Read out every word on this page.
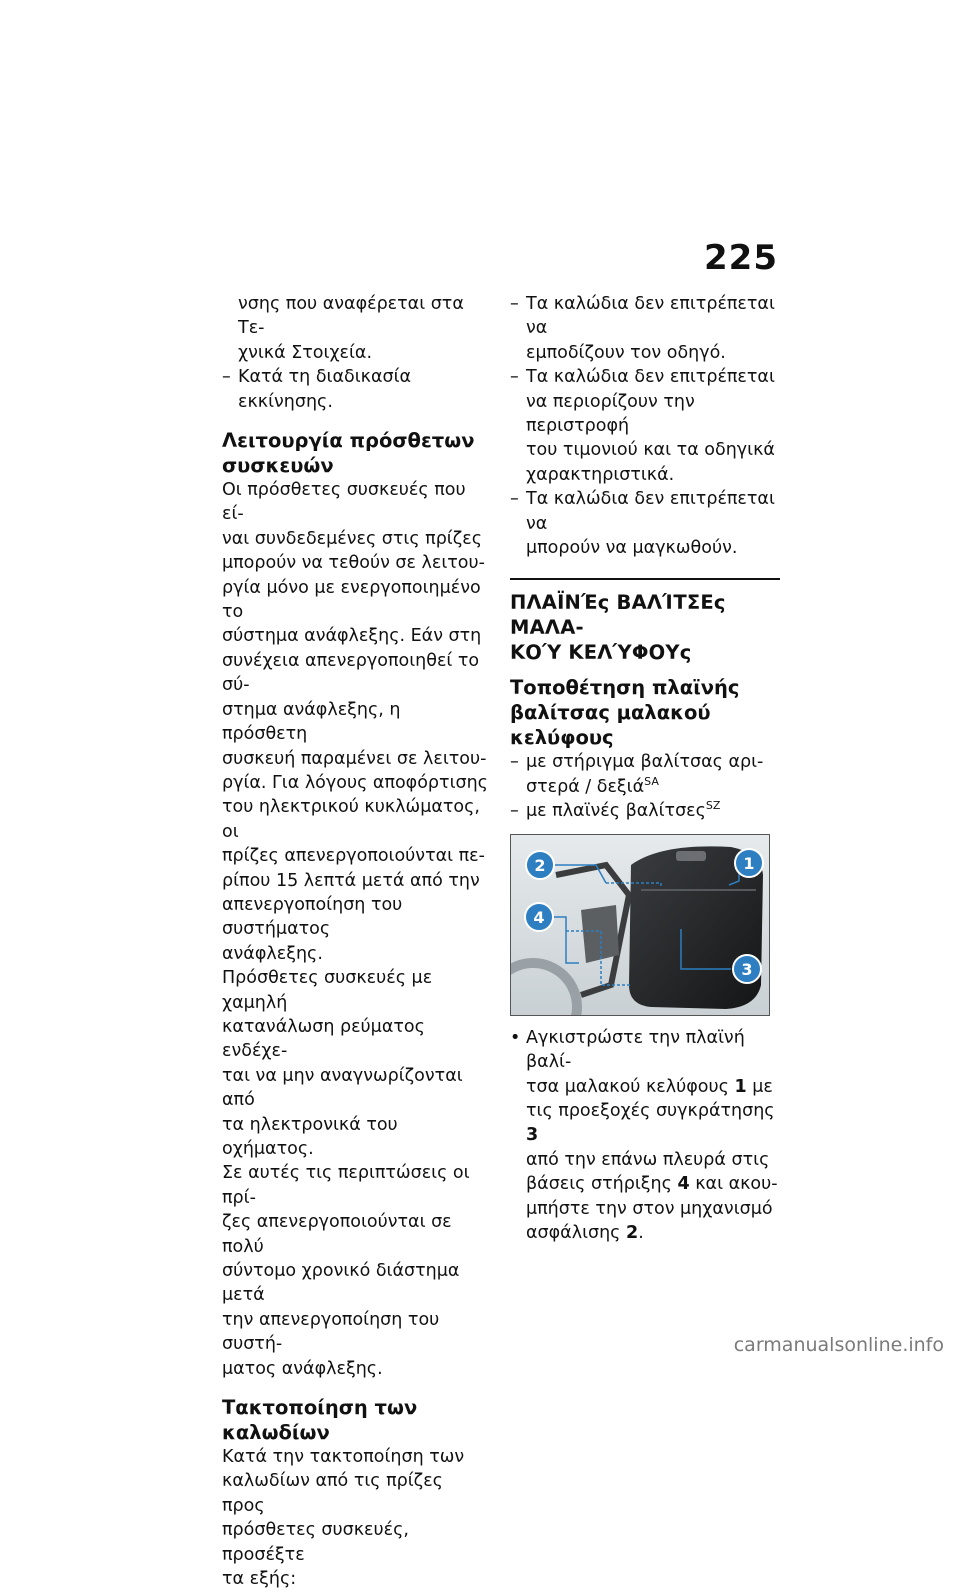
225

νσης που αναφέρεται στα Τε-
χνικά Στοιχεία.

– Κατά τη διαδικασία εκκίνησης.

Λειτουργία πρόσθετων
συσκευών

Οι πρόσθετες συσκευές που εί-
ναι συνδεδεμένες στις πρίζες
μπορούν να τεθούν σε λειτου-
ργία μόνο με ενεργοποιημένο το
σύστημα ανάφλεξης. Εάν στη
συνέχεια απενεργοποιηθεί το σύ-
στημα ανάφλεξης, η πρόσθετη
συσκευή παραμένει σε λειτου-
ργία. Για λόγους αποφόρτισης
του ηλεκτρικού κυκλώματος, οι
πρίζες απενεργοποιούνται πε-
ρίπου 15 λεπτά μετά από την
απενεργοποίηση του συστήματος
ανάφλεξης.

Πρόσθετες συσκευές με χαμηλή
κατανάλωση ρεύματος ενδέχε-
ται να μην αναγνωρίζονται από
τα ηλεκτρονικά του οχήματος.
Σε αυτές τις περιπτώσεις οι πρί-
ζες απενεργοποιούνται σε πολύ
σύντομο χρονικό διάστημα μετά
την απενεργοποίηση του συστή-
ματος ανάφλεξης.

Τακτοποίηση των καλωδίων

Κατά την τακτοποίηση των
καλωδίων από τις πρίζες προς
πρόσθετες συσκευές, προσέξτε
τα εξής:

– Τα καλώδια δεν επιτρέπεται να
εμποδίζουν τον οδηγό.
– Τα καλώδια δεν επιτρέπεται
να περιορίζουν την περιστροφή
του τιμονιού και τα οδηγικά
χαρακτηριστικά.
– Τα καλώδια δεν επιτρέπεται να
μπορούν να μαγκωθούν.

ΠΛΑΪΝΈς ΒΑΛΊΤΣΕς ΜΑΛΑ-
ΚΟΎ ΚΕΛΎΦΟΥς

Τοποθέτηση πλαϊνής
βαλίτσας μαλακού κελύφους

– με στήριγμα βαλίτσας αρι-
στερά / δεξιά$^{SA}$
– με πλαϊνές βαλίτσες$^{SZ}$
2	1
4
3
• Αγκιστρώστε την πλαϊνή βαλί-
τσα μαλακού κελύφους 1 με
τις προεξοχές συγκράτησης 3
από την επάνω πλευρά στις
βάσεις στήριξης 4 και ακου-
μπήστε την στον μηχανισμό
ασφάλισης 2.
carmanualsonline.info
